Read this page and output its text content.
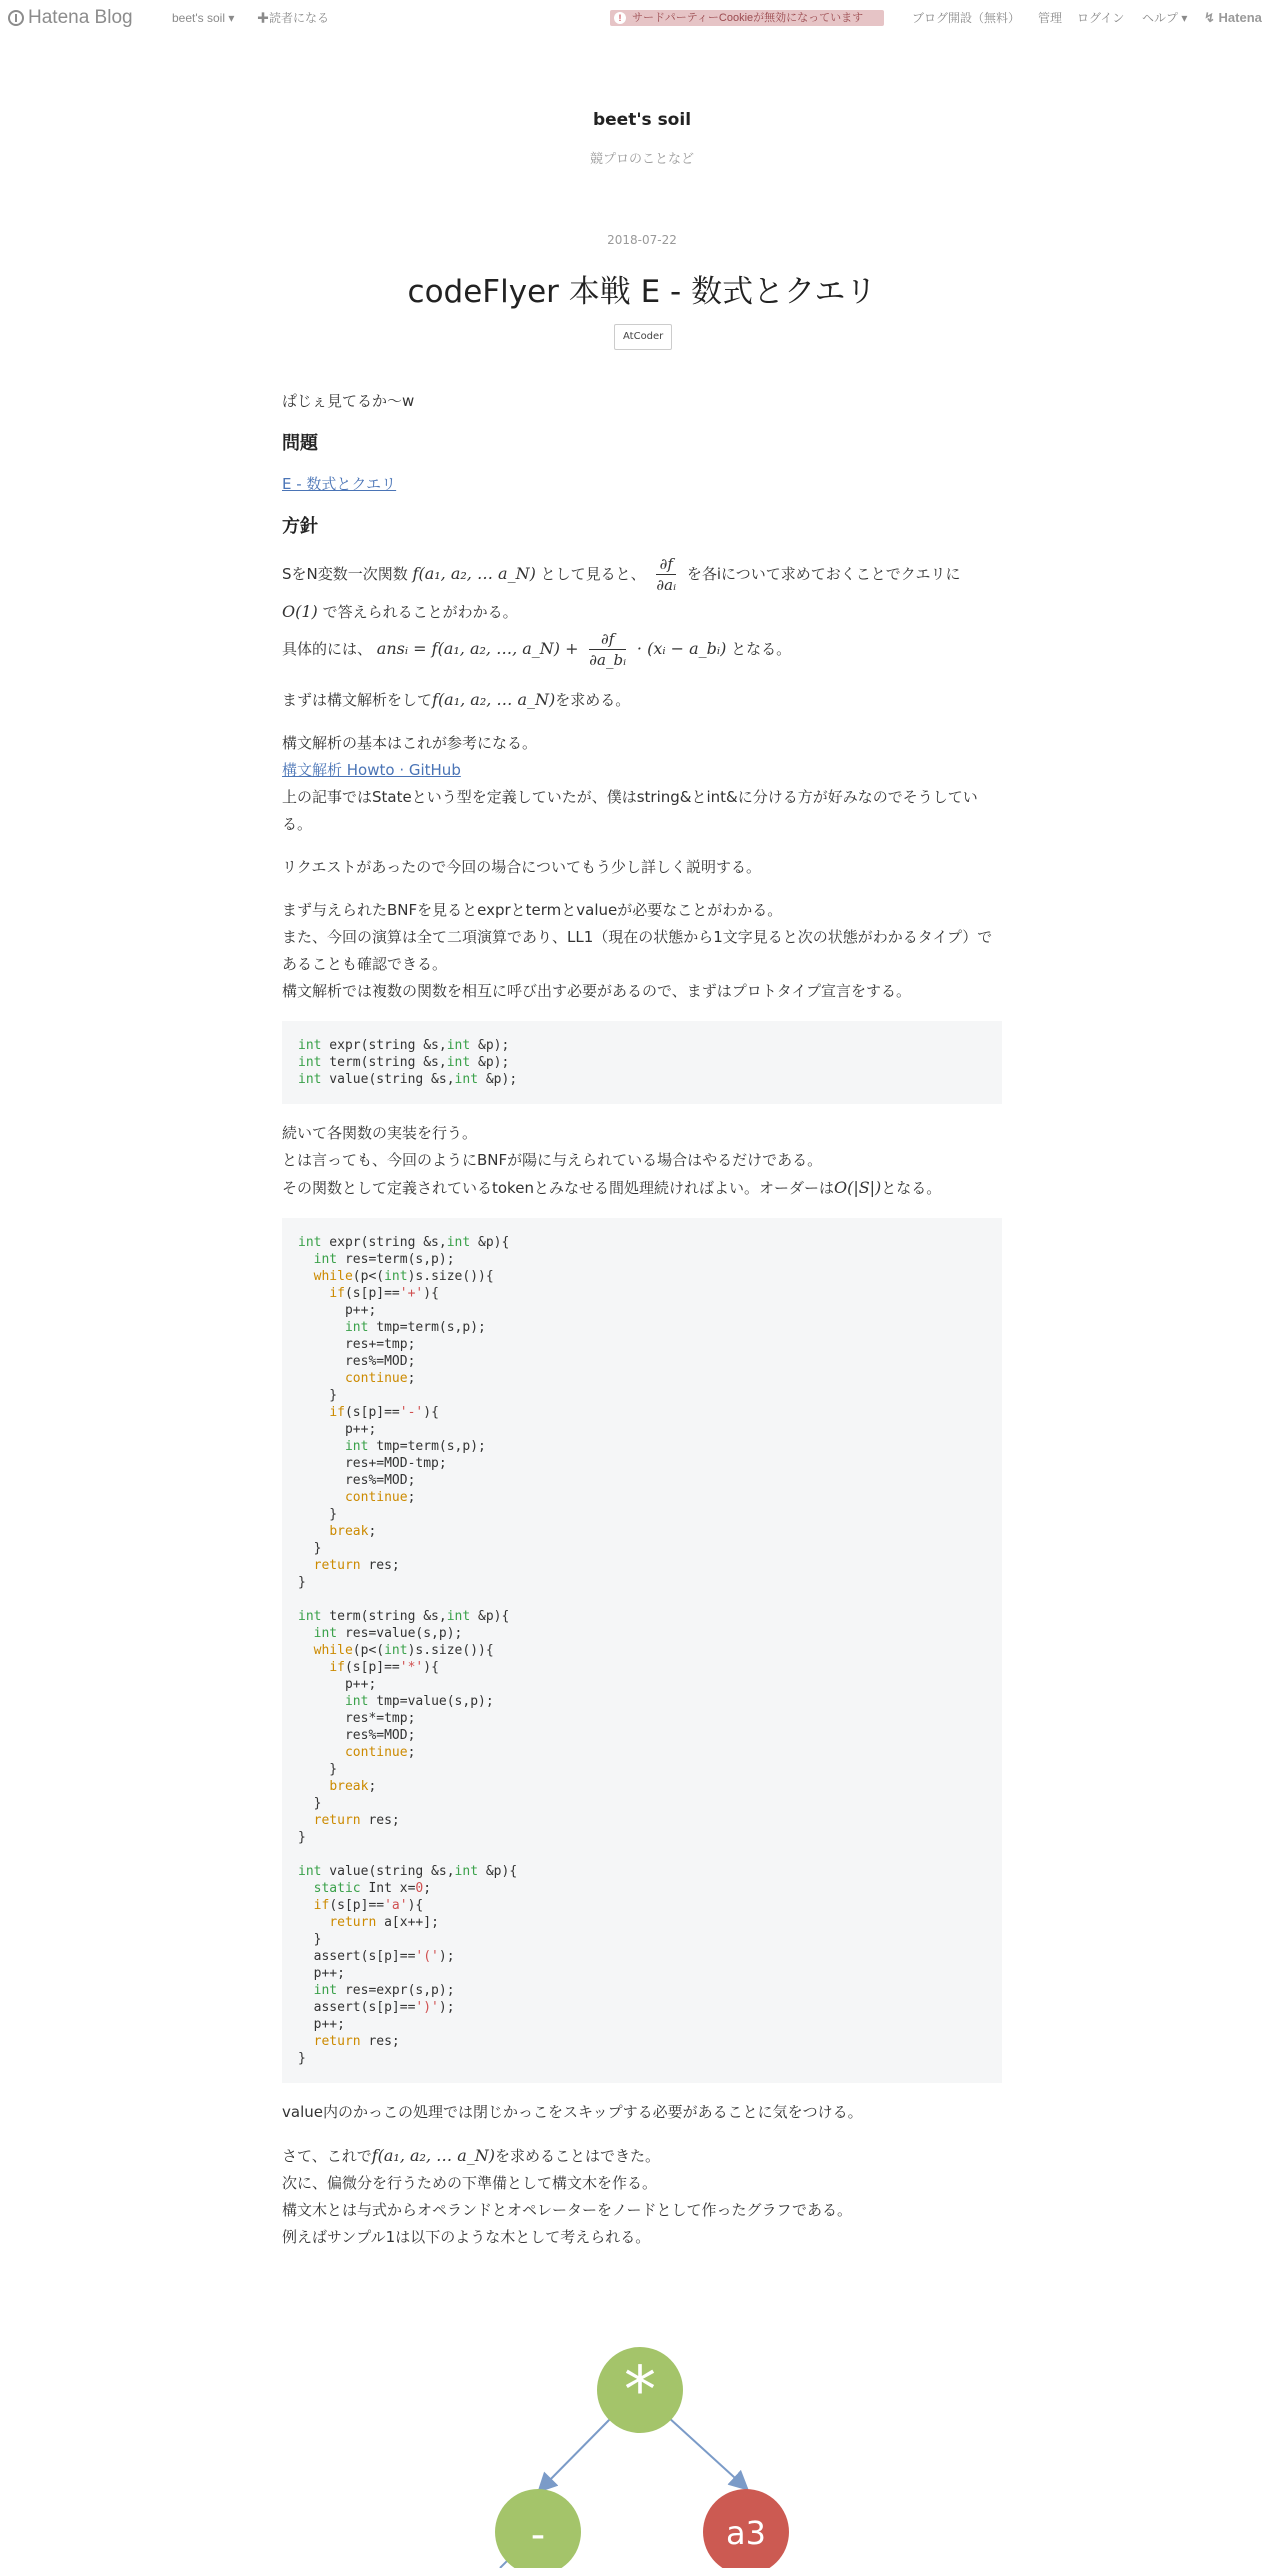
Hatena Blog	beet's soil ▾ ✚読者になる	! サードパーティーCookieが無効になっています	ブログ開設（無料） 管理 ログイン ヘルプ ▾ ↯ Hatena
beet's soil
競プロのことなど
2018-07-22
codeFlyer 本戦 E - 数式とクエリ
AtCoder

ぱじぇ見てるか〜w

問題

E - 数式とクエリ

方針

SをN変数一次関数 f(a₁, a₂, … a_N) として見ると、 $\frac{\partial f}{\text{∂aᵢ}}$ を各iについて求めておくことでクエリに
O(1) で答えられることがわかる。
具体的には、 ansᵢ = f(a₁, a₂, …, a_N) + $\frac{\partial f}{\text{∂a\_bᵢ}}$ · (xᵢ − a_bᵢ) となる。

まずは構文解析をしてf(a₁, a₂, … a_N)を求める。

構文解析の基本はこれが参考になる。
構文解析 Howto · GitHub
上の記事ではStateという型を定義していたが、僕はstring&とint&に分ける方が好みなのでそうしている。

リクエストがあったので今回の場合についてもう少し詳しく説明する。

まず与えられたBNFを見るとexprとtermとvalueが必要なことがわかる。
また、今回の演算は全て二項演算であり、LL1（現在の状態から1文字見ると次の状態がわかるタイプ）であることも確認できる。
構文解析では複数の関数を相互に呼び出す必要があるので、まずはプロトタイプ宣言をする。

int expr(string &s,int &p);
int term(string &s,int &p);
int value(string &s,int &p);

続いて各関数の実装を行う。
とは言っても、今回のようにBNFが陽に与えられている場合はやるだけである。
その関数として定義されているtokenとみなせる間処理続ければよい。オーダーはO(|S|)となる。

int expr(string &s,int &p){
int res=term(s,p);
while(p<(int)s.size()){
if(s[p]=='+'){
p++;
int tmp=term(s,p);
res+=tmp;
res%=MOD;
continue;
}
if(s[p]=='-'){
p++;
int tmp=term(s,p);
res+=MOD-tmp;
res%=MOD;
continue;
}
break;
}
return res;
}

int term(string &s,int &p){
int res=value(s,p);
while(p<(int)s.size()){
if(s[p]=='*'){
p++;
int tmp=value(s,p);
res*=tmp;
res%=MOD;
continue;
}
break;
}
return res;
}

int value(string &s,int &p){
static Int x=0;
if(s[p]=='a'){
return a[x++];
}
assert(s[p]=='(');
p++;
int res=expr(s,p);
assert(s[p]==')');
p++;
return res;
}

value内のかっこの処理では閉じかっこをスキップする必要があることに気をつける。

さて、これでf(a₁, a₂, … a_N)を求めることはできた。
次に、偏微分を行うための下準備として構文木を作る。
構文木とは与式からオペランドとオペレーターをノードとして作ったグラフである。
例えばサンプル1は以下のような木として考えられる。

*
-	a3
